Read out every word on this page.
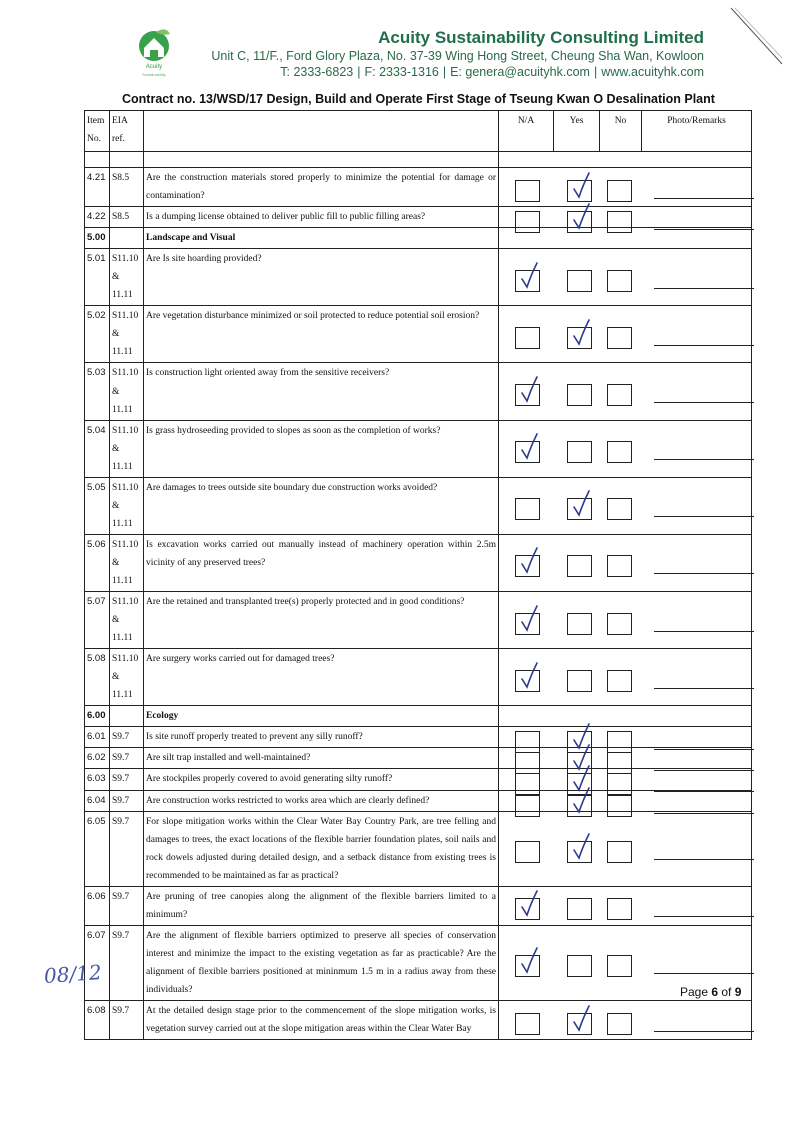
Acuity
Sustainability
Acuity Sustainability Consulting Limited
Unit C, 11/F., Ford Glory Plaza, No. 37-39 Wing Hong Street, Cheung Sha Wan, Kowloon
T: 2333-6823 | F: 2333-1316 | E: genera@acuityhk.com | www.acuityhk.com
Contract no. 13/WSD/17 Design, Build and Operate First Stage of Tseung Kwan O Desalination Plant
Item
No.	EIA ref.		N/A	Yes	No	Photo/Remarks

4.21	S8.5	Are the construction materials stored properly to minimize the potential for damage or contamination?	

4.22	S8.5	Is a dumping license obtained to deliver public fill to public filling areas?	

5.00		Landscape and Visual				
5.01	S11.10 & 11.11	Are Is site hoarding provided?	

5.02	S11.10 & 11.11	Are vegetation disturbance minimized or soil protected to reduce potential soil erosion?	

5.03	S11.10 & 11.11	Is construction light oriented away from the sensitive receivers?	

5.04	S11.10 & 11.11	Is grass hydroseeding provided to slopes as soon as the completion of works?	

5.05	S11.10 & 11.11	Are damages to trees outside site boundary due construction works avoided?	

5.06	S11.10 & 11.11	Is excavation works carried out manually instead of machinery operation within 2.5m vicinity of any preserved trees?	

5.07	S11.10 & 11.11	Are the retained and transplanted tree(s) properly protected and in good conditions?	

5.08	S11.10 & 11.11	Are surgery works carried out for damaged trees?	

6.00		Ecology				
6.01	S9.7	Is site runoff properly treated to prevent any silly runoff?	

6.02	S9.7	Are silt trap installed and well-maintained?	

6.03	S9.7	Are stockpiles properly covered to avoid generating silty runoff?	

6.04	S9.7	Are construction works restricted to works area which are clearly defined?	

6.05	S9.7	For slope mitigation works within the Clear Water Bay Country Park, are tree felling and damages to trees, the exact locations of the flexible barrier foundation plates, soil nails and rock dowels adjusted during detailed design, and a setback distance from existing trees is recommended to be maintained as far as practical?	

6.06	S9.7	Are pruning of tree canopies along the alignment of the flexible barriers limited to a minimum?	

6.07	S9.7	Are the alignment of flexible barriers optimized to preserve all species of conservation interest and minimize the impact to the existing vegetation as far as practicable? Are the alignment of flexible barriers positioned at mininmum 1.5 m in a radius away from these individuals?	

6.08	S9.7	At the detailed design stage prior to the commencement of the slope mitigation works, is vegetation survey carried out at the slope mitigation areas within the Clear Water Bay	
08/12
Page 6 of 9
